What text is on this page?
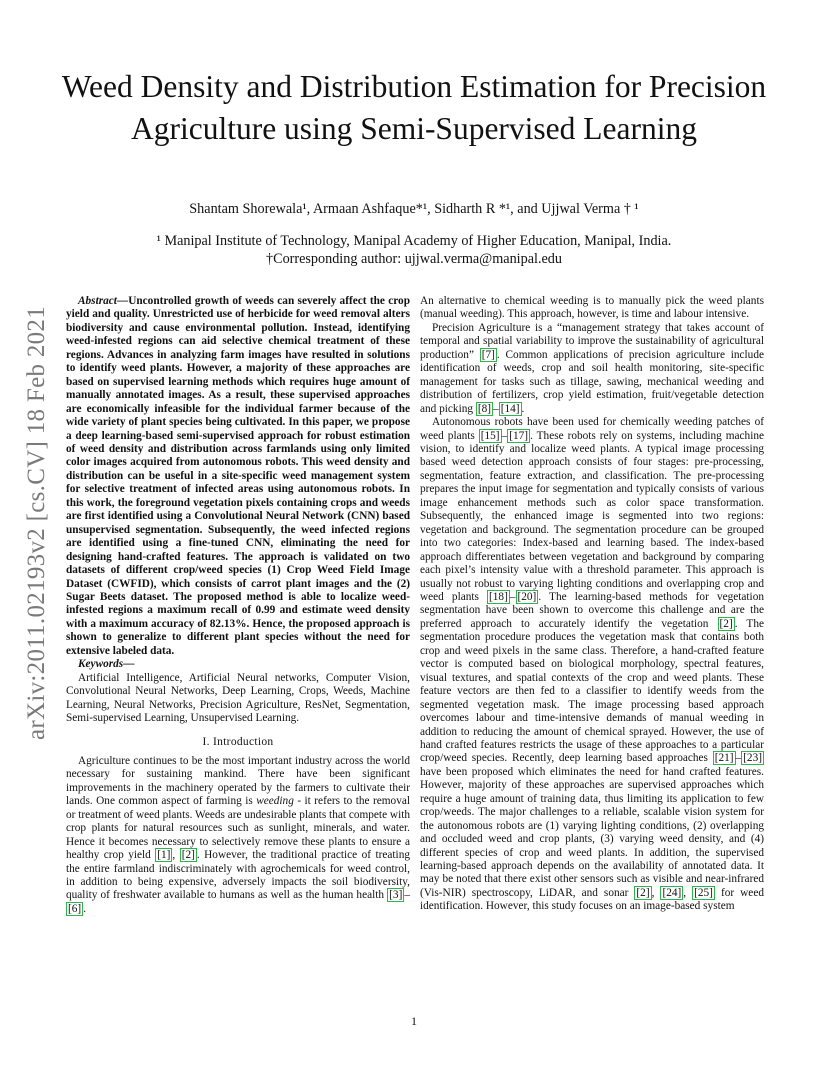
arXiv:2011.02193v2 [cs.CV] 18 Feb 2021
Weed Density and Distribution Estimation for Precision Agriculture using Semi-Supervised Learning
Shantam Shorewala¹, Armaan Ashfaque*¹, Sidharth R *¹, and Ujjwal Verma † ¹
¹ Manipal Institute of Technology, Manipal Academy of Higher Education, Manipal, India.
†Corresponding author: ujjwal.verma@manipal.edu

Abstract—Uncontrolled growth of weeds can severely affect the crop yield and quality. Unrestricted use of herbicide for weed removal alters biodiversity and cause environmental pollution. Instead, identifying weed-infested regions can aid selective chemical treatment of these regions. Advances in analyzing farm images have resulted in solutions to identify weed plants. However, a majority of these approaches are based on supervised learning methods which requires huge amount of manually annotated images. As a result, these supervised approaches are economically infeasible for the individual farmer because of the wide variety of plant species being cultivated. In this paper, we propose a deep learning-based semi-supervised approach for robust estimation of weed density and distribution across farmlands using only limited color images acquired from autonomous robots. This weed density and distribution can be useful in a site-specific weed management system for selective treatment of infected areas using autonomous robots. In this work, the foreground vegetation pixels containing crops and weeds are first identified using a Convolutional Neural Network (CNN) based unsupervised segmentation. Subsequently, the weed infected regions are identified using a fine-tuned CNN, eliminating the need for designing hand-crafted features. The approach is validated on two datasets of different crop/weed species (1) Crop Weed Field Image Dataset (CWFID), which consists of carrot plant images and the (2) Sugar Beets dataset. The proposed method is able to localize weed-infested regions a maximum recall of 0.99 and estimate weed density with a maximum accuracy of 82.13%. Hence, the proposed approach is shown to generalize to different plant species without the need for extensive labeled data.

Keywords—

Artificial Intelligence, Artificial Neural networks, Computer Vision, Convolutional Neural Networks, Deep Learning, Crops, Weeds, Machine Learning, Neural Networks, Precision Agriculture, ResNet, Segmentation, Semi-supervised Learning, Unsupervised Learning.

I. Introduction

Agriculture continues to be the most important industry across the world necessary for sustaining mankind. There have been significant improvements in the machinery operated by the farmers to cultivate their lands. One common aspect of farming is weeding - it refers to the removal or treatment of weed plants. Weeds are undesirable plants that compete with crop plants for natural resources such as sunlight, minerals, and water. Hence it becomes necessary to selectively remove these plants to ensure a healthy crop yield [1] , [2] . However, the traditional practice of treating the entire farmland indiscriminately with agrochemicals for weed control, in addition to being expensive, adversely impacts the soil biodiversity, quality of freshwater available to humans as well as the human health [3] –[6] .

An alternative to chemical weeding is to manually pick the weed plants (manual weeding). This approach, however, is time and labour intensive.

Precision Agriculture is a “management strategy that takes account of temporal and spatial variability to improve the sustainability of agricultural production” [7] . Common applications of precision agriculture include identification of weeds, crop and soil health monitoring, site-specific management for tasks such as tillage, sawing, mechanical weeding and distribution of fertilizers, crop yield estimation, fruit/vegetable detection and picking [8] – [14] .

Autonomous robots have been used for chemically weeding patches of weed plants [15] – [17] . These robots rely on systems, including machine vision, to identify and localize weed plants. A typical image processing based weed detection approach consists of four stages: pre-processing, segmentation, feature extraction, and classification. The pre-processing prepares the input image for segmentation and typically consists of various image enhancement methods such as color space transformation. Subsequently, the enhanced image is segmented into two regions: vegetation and background. The segmentation procedure can be grouped into two categories: Index-based and learning based. The index-based approach differentiates between vegetation and background by comparing each pixel’s intensity value with a threshold parameter. This approach is usually not robust to varying lighting conditions and overlapping crop and weed plants [18] – [20] . The learning-based methods for vegetation segmentation have been shown to overcome this challenge and are the preferred approach to accurately identify the vegetation [2] . The segmentation procedure produces the vegetation mask that contains both crop and weed pixels in the same class. Therefore, a hand-crafted feature vector is computed based on biological morphology, spectral features, visual textures, and spatial contexts of the crop and weed plants. These feature vectors are then fed to a classifier to identify weeds from the segmented vegetation mask. The image processing based approach overcomes labour and time-intensive demands of manual weeding in addition to reducing the amount of chemical sprayed. However, the use of hand crafted features restricts the usage of these approaches to a particular crop/weed species. Recently, deep learning based approaches [21] – [23] have been proposed which eliminates the need for hand crafted features. However, majority of these approaches are supervised approaches which require a huge amount of training data, thus limiting its application to few crop/weeds. The major challenges to a reliable, scalable vision system for the autonomous robots are (1) varying lighting conditions, (2) overlapping and occluded weed and crop plants, (3) varying weed density, and (4) different species of crop and weed plants. In addition, the supervised learning-based approach depends on the availability of annotated data. It may be noted that there exist other sensors such as visible and near-infrared (Vis-NIR) spectroscopy, LiDAR, and sonar [2] , [24] , [25] for weed identification. However, this study focuses on an image-based system

1
